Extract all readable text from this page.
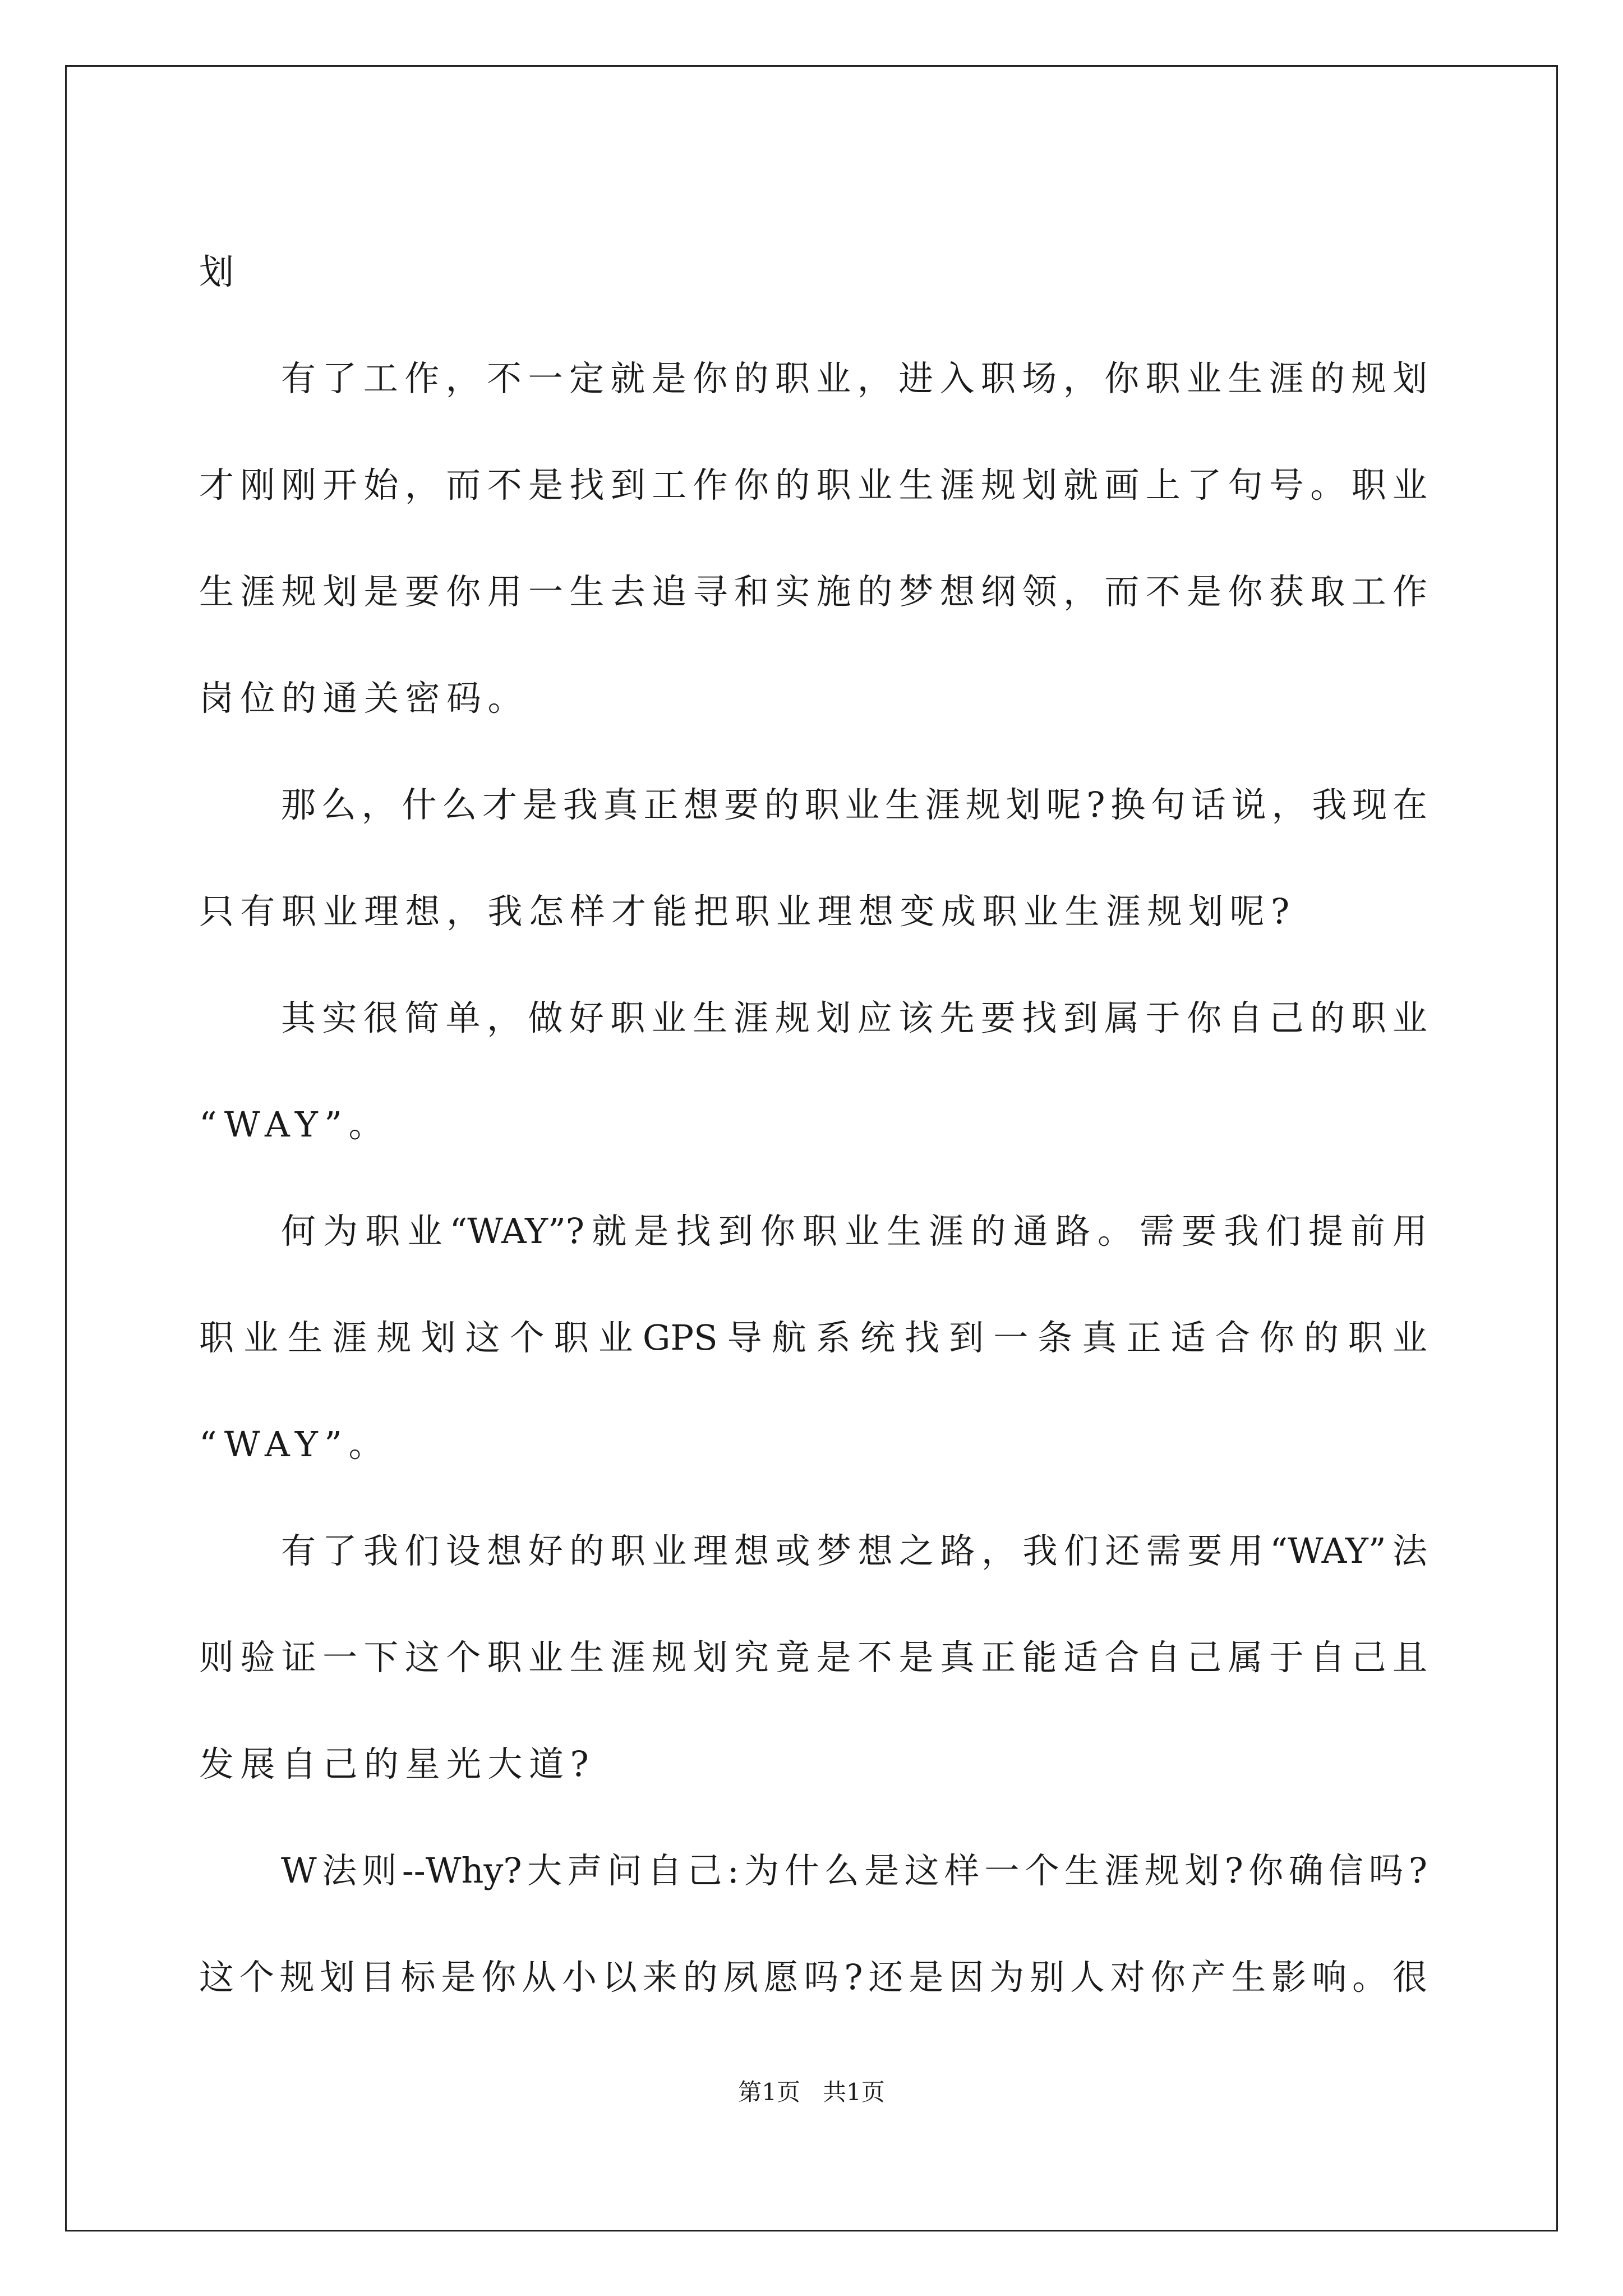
划
有了工作，不一定就是你的职业，进入职场，你职业生涯的规划
才刚刚开始，而不是找到工作你的职业生涯规划就画上了句号。职业
生涯规划是要你用一生去追寻和实施的梦想纲领，而不是你获取工作
岗位的通关密码。
那么，什么才是我真正想要的职业生涯规划呢?换句话说，我现在
只有职业理想，我怎样才能把职业理想变成职业生涯规划呢?
其实很简单，做好职业生涯规划应该先要找到属于你自己的职业
“WAY”。
何为职业“WAY”?就是找到你职业生涯的通路。需要我们提前用
职业生涯规划这个职业GPS导航系统找到一条真正适合你的职业
“WAY”。
有了我们设想好的职业理想或梦想之路，我们还需要用“WAY”法
则验证一下这个职业生涯规划究竟是不是真正能适合自己属于自己且
发展自己的星光大道?
W法则--Why?大声问自己:为什么是这样一个生涯规划?你确信吗?
这个规划目标是你从小以来的夙愿吗?还是因为别人对你产生影响。很
第1页   共1页
